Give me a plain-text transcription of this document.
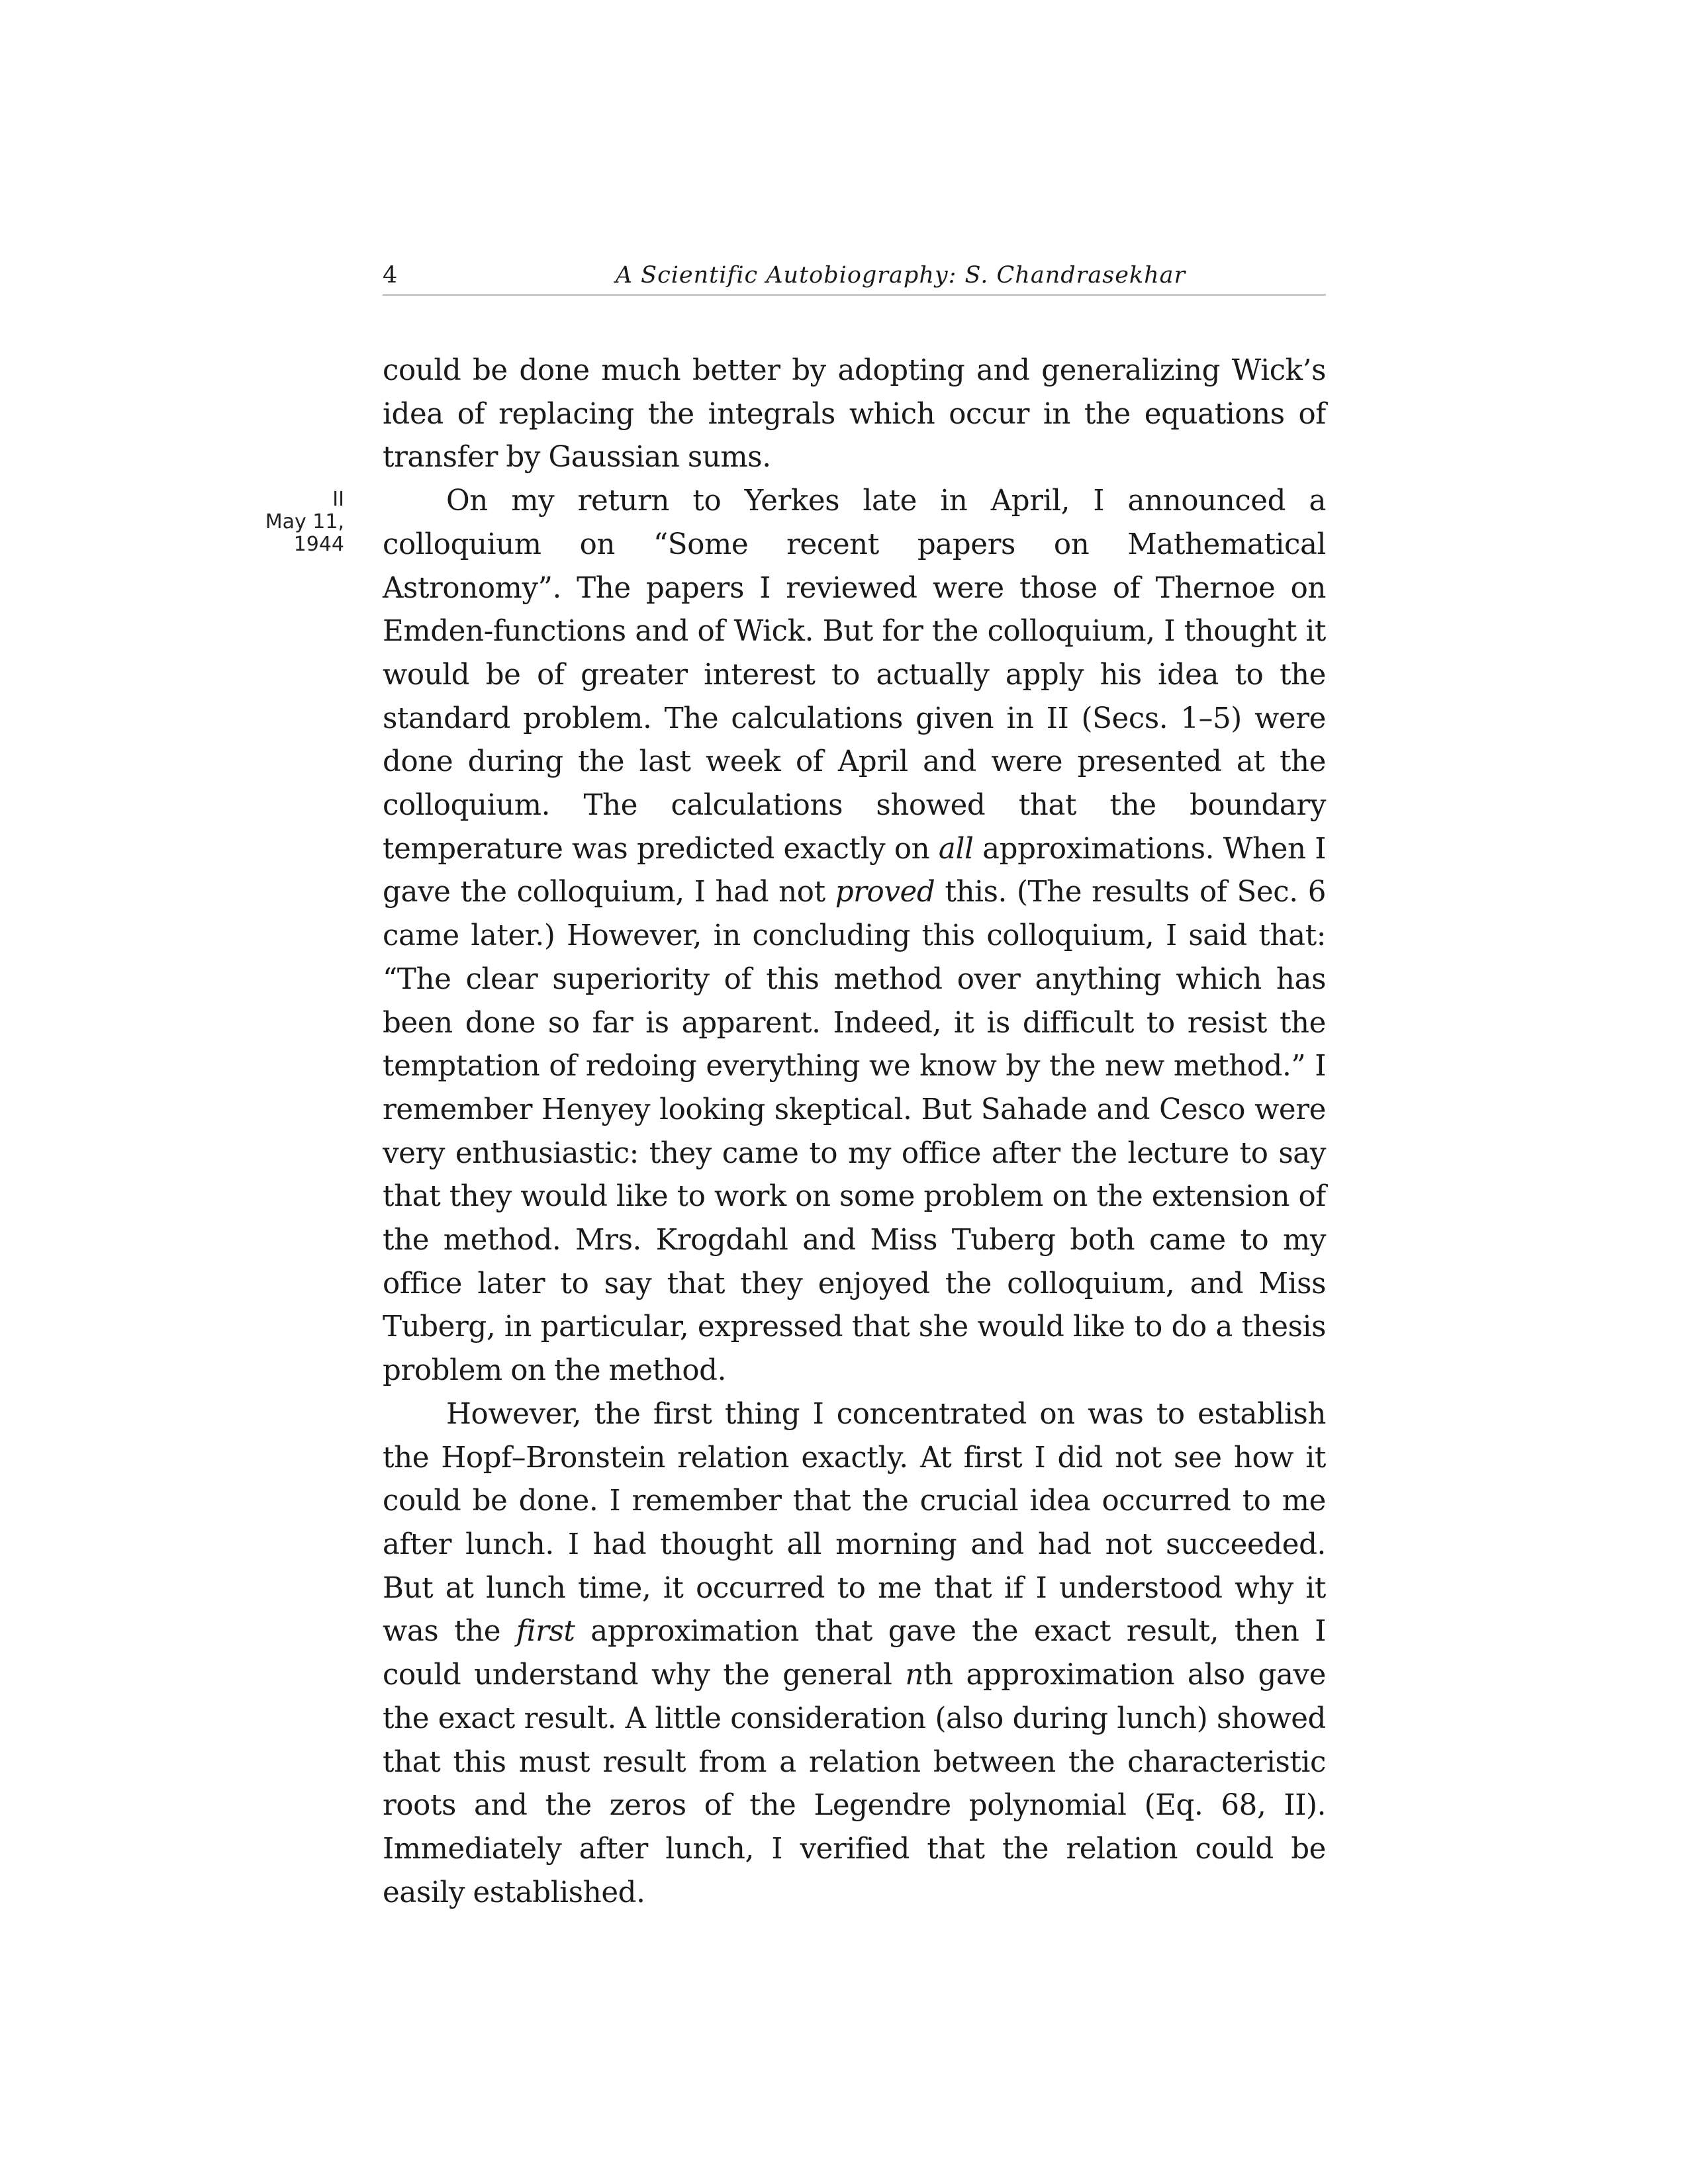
4	A Scientific Autobiography: S. Chandrasekhar
II
May 11,
1944

could be done much better by adopting and generalizing Wick’s idea of replacing the integrals which occur in the equations of transfer by Gaussian sums.

On my return to Yerkes late in April, I announced a colloquium on “Some recent papers on Mathematical Astronomy”. The papers I reviewed were those of Thernoe on Emden-functions and of Wick. But for the colloquium, I thought it would be of greater interest to actually apply his idea to the standard problem. The calculations given in II (Secs. 1–5) were done during the last week of April and were presented at the colloquium. The calculations showed that the boundary temperature was predicted exactly on all approximations. When I gave the colloquium, I had not proved this. (The results of Sec. 6 came later.) However, in concluding this colloquium, I said that: “The clear superiority of this method over anything which has been done so far is apparent. Indeed, it is difficult to resist the temptation of redoing everything we know by the new method.” I remember Henyey looking skeptical. But Sahade and Cesco were very enthusiastic: they came to my office after the lecture to say that they would like to work on some problem on the extension of the method. Mrs. Krogdahl and Miss Tuberg both came to my office later to say that they enjoyed the colloquium, and Miss Tuberg, in particular, expressed that she would like to do a thesis problem on the method.

However, the first thing I concentrated on was to establish the Hopf–Bronstein relation exactly. At first I did not see how it could be done. I remember that the crucial idea occurred to me after lunch. I had thought all morning and had not succeeded. But at lunch time, it occurred to me that if I understood why it was the first approximation that gave the exact result, then I could understand why the general nth approximation also gave the exact result. A little consideration (also during lunch) showed that this must result from a relation between the characteristic roots and the zeros of the Legendre polynomial (Eq. 68, II). Immediately after lunch, I verified that the relation could be easily established.
